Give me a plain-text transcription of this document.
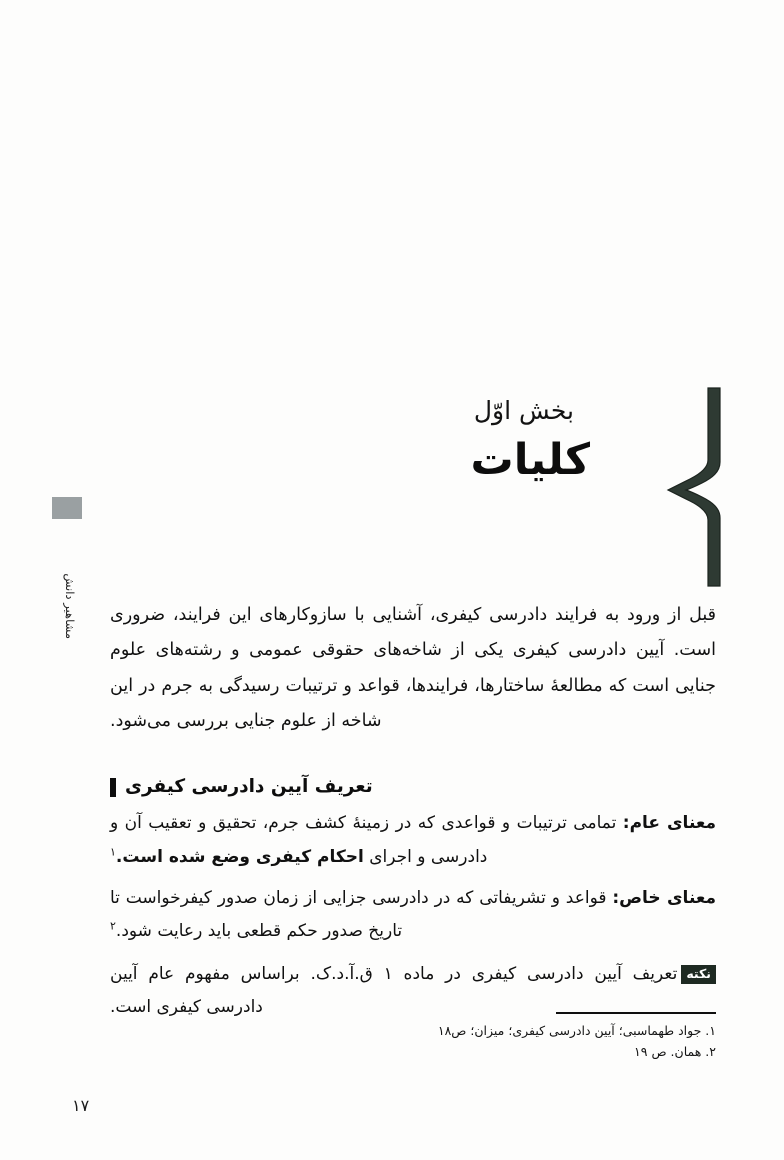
مشاهیر دانش
بخش اوّل
کلیات

قبل از ورود به فرایند دادرسی کیفری، آشنایی با سازوکارهای این فرایند، ضروری است. آیین دادرسی کیفری یکی از شاخه‌های حقوقی عمومی و رشته‌های علوم جنایی است که مطالعهٔ ساختارها، فرایندها، قواعد و ترتیبات رسیدگی به جرم در این شاخه از علوم جنایی بررسی می‌شود.

تعریف آیین دادرسی کیفری

معنای عام: تمامی ترتیبات و قواعدی که در زمینهٔ کشف جرم، تحقیق و تعقیب آن و دادرسی و اجرای احکام کیفری وضع شده است.$^۱$

معنای خاص: قواعد و تشریفاتی که در دادرسی جزایی از زمان صدور کیفرخواست تا تاریخ صدور حکم قطعی باید رعایت شود.$^۲$

نکتهتعریف آیین دادرسی کیفری در ماده ۱ ق.آ.د.ک. براساس مفهوم عام آیین دادرسی کیفری است.

۱. جواد طهماسبی؛ آیین دادرسی کیفری؛ میزان؛ ص۱۸
۲. همان. ص ۱۹
۱۷
